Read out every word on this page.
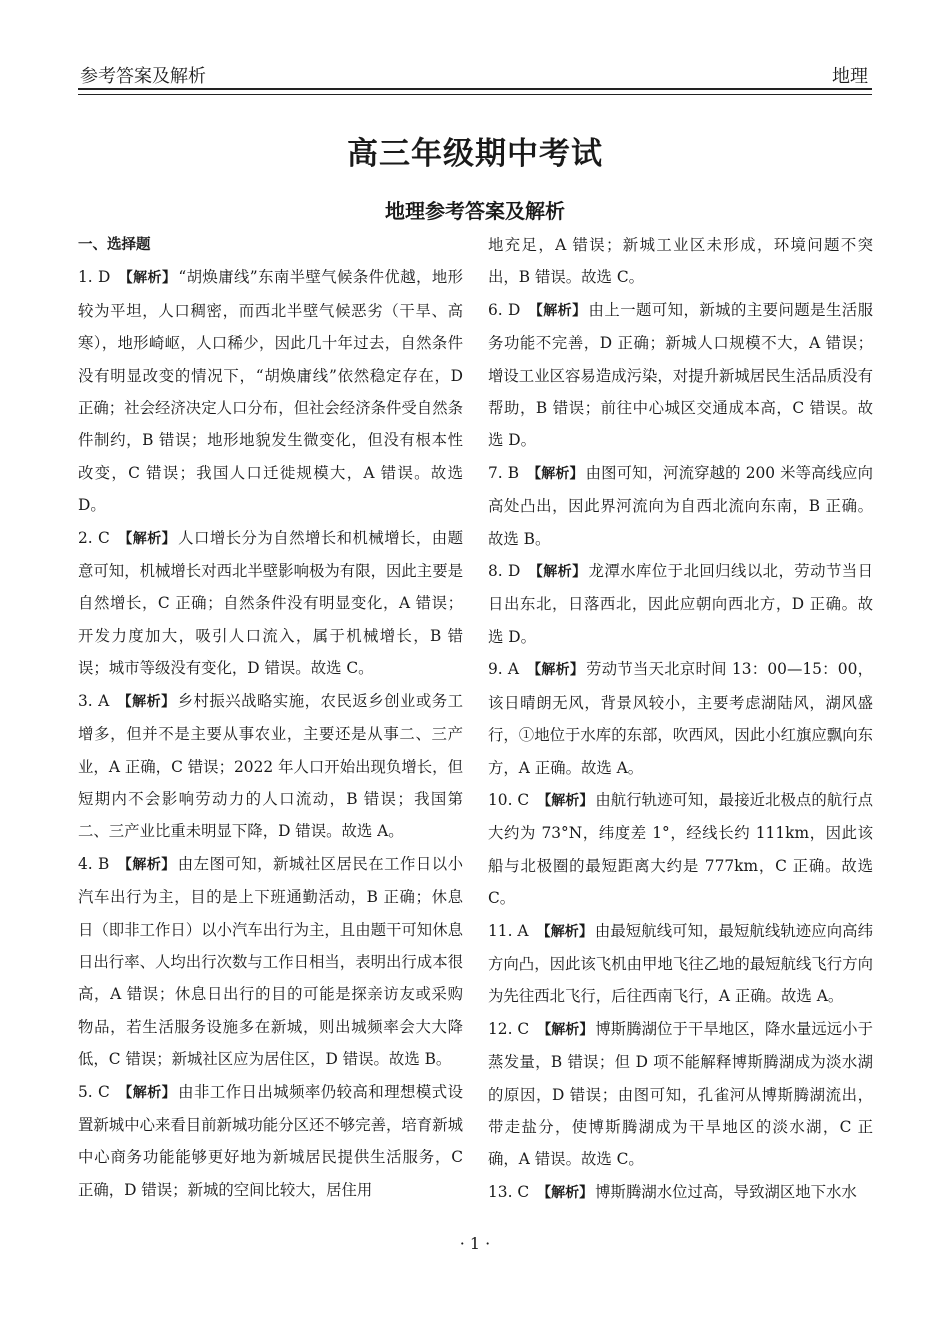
参考答案及解析	地理
高三年级期中考试
地理参考答案及解析
一、选择题

1. D 【解析】 “胡焕庸线”东南半壁气候条件优越，地形较为平坦，人口稠密，而西北半壁气候恶劣（干旱、高寒），地形崎岖，人口稀少，因此几十年过去，自然条件没有明显改变的情况下，“胡焕庸线”依然稳定存在，D 正确；社会经济决定人口分布，但社会经济条件受自然条件制约，B 错误；地形地貌发生微变化，但没有根本性改变，C 错误；我国人口迁徙规模大，A 错误。故选 D。

2. C 【解析】 人口增长分为自然增长和机械增长，由题意可知，机械增长对西北半壁影响极为有限，因此主要是自然增长，C 正确；自然条件没有明显变化，A 错误；开发力度加大，吸引人口流入，属于机械增长，B 错误；城市等级没有变化，D 错误。故选 C。

3. A 【解析】 乡村振兴战略实施，农民返乡创业或务工增多，但并不是主要从事农业，主要还是从事二、三产业，A 正确，C 错误；2022 年人口开始出现负增长，但短期内不会影响劳动力的人口流动，B 错误；我国第二、三产业比重未明显下降，D 错误。故选 A。

4. B 【解析】 由左图可知，新城社区居民在工作日以小汽车出行为主，目的是上下班通勤活动，B 正确；休息日（即非工作日）以小汽车出行为主，且由题干可知休息日出行率、人均出行次数与工作日相当，表明出行成本很高，A 错误；休息日出行的目的可能是探亲访友或采购物品，若生活服务设施多在新城，则出城频率会大大降低，C 错误；新城社区应为居住区，D 错误。故选 B。

5. C 【解析】 由非工作日出城频率仍较高和理想模式设置新城中心来看目前新城功能分区还不够完善，培育新城中心商务功能能够更好地为新城居民提供生活服务，C 正确，D 错误；新城的空间比较大，居住用

地充足，A 错误；新城工业区未形成，环境问题不突出，B 错误。故选 C。

6. D 【解析】 由上一题可知，新城的主要问题是生活服务功能不完善，D 正确；新城人口规模不大，A 错误；增设工业区容易造成污染，对提升新城居民生活品质没有帮助，B 错误；前往中心城区交通成本高，C 错误。故选 D。

7. B 【解析】 由图可知，河流穿越的 200 米等高线应向高处凸出，因此界河流向为自西北流向东南，B 正确。故选 B。

8. D 【解析】 龙潭水库位于北回归线以北，劳动节当日日出东北，日落西北，因此应朝向西北方，D 正确。故选 D。

9. A 【解析】 劳动节当天北京时间 13：00—15：00，该日晴朗无风，背景风较小，主要考虑湖陆风，湖风盛行，①地位于水库的东部，吹西风，因此小红旗应飘向东方，A 正确。故选 A。

10. C 【解析】 由航行轨迹可知，最接近北极点的航行点大约为 73°N，纬度差 1°，经线长约 111km，因此该船与北极圈的最短距离大约是 777km，C 正确。故选 C。

11. A 【解析】 由最短航线可知，最短航线轨迹应向高纬方向凸，因此该飞机由甲地飞往乙地的最短航线飞行方向为先往西北飞行，后往西南飞行，A 正确。故选 A。

12. C 【解析】 博斯腾湖位于干旱地区，降水量远远小于蒸发量，B 错误；但 D 项不能解释博斯腾湖成为淡水湖的原因，D 错误；由图可知，孔雀河从博斯腾湖流出，带走盐分，使博斯腾湖成为干旱地区的淡水湖，C 正确，A 错误。故选 C。

13. C 【解析】 博斯腾湖水位过高，导致湖区地下水水

· 1 ·
